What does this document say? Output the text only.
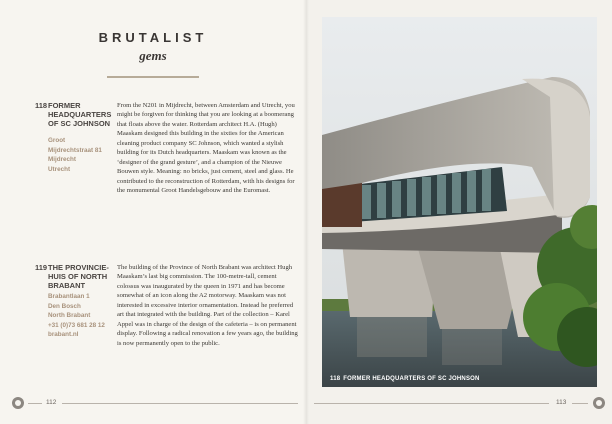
BRUTALIST
gems
118 FORMER HEADQUARTERS OF SC JOHNSON
Groot
Mijdrechtstraat 81
Mijdrecht
Utrecht

From the N201 in Mijdrecht, between Amsterdam and Utrecht, you might be forgiven for thinking that you are looking at a boomerang that floats above the water. Rotterdam architect H.A. (Hugh) Maaskam designed this building in the sixties for the American cleaning product company SC Johnson, which wanted a stylish building for its Dutch headquarters. Maaskam was known as the ‘designer of the grand gesture’, and a champion of the Nieuwe Bouwen style. Meaning: no bricks, just cement, steel and glass. He contributed to the reconstruction of Rotterdam, with his designs for the monumental Groot Handelsgebouw and the Euromast.

119 THE PROVINCIE-HUIS OF NORTH BRABANT
Brabantlaan 1
Den Bosch
North Brabant
+31 (0)73 681 28 12
brabant.nl

The building of the Province of North Brabant was architect Hugh Maaskam’s last big commission. The 100-metre-tall, cement colossus was inaugurated by the queen in 1971 and has become somewhat of an icon along the A2 motorway. Maaskam was not interested in excessive interior ornamentation. Instead he preferred art that integrated with the building. Part of the collection – Karel Appel was in charge of the design of the cafeteria – is on permanent display. Following a radical renovation a few years ago, the building is now permanently open to the public.

112	113
118 FORMER HEADQUARTERS OF SC JOHNSON
